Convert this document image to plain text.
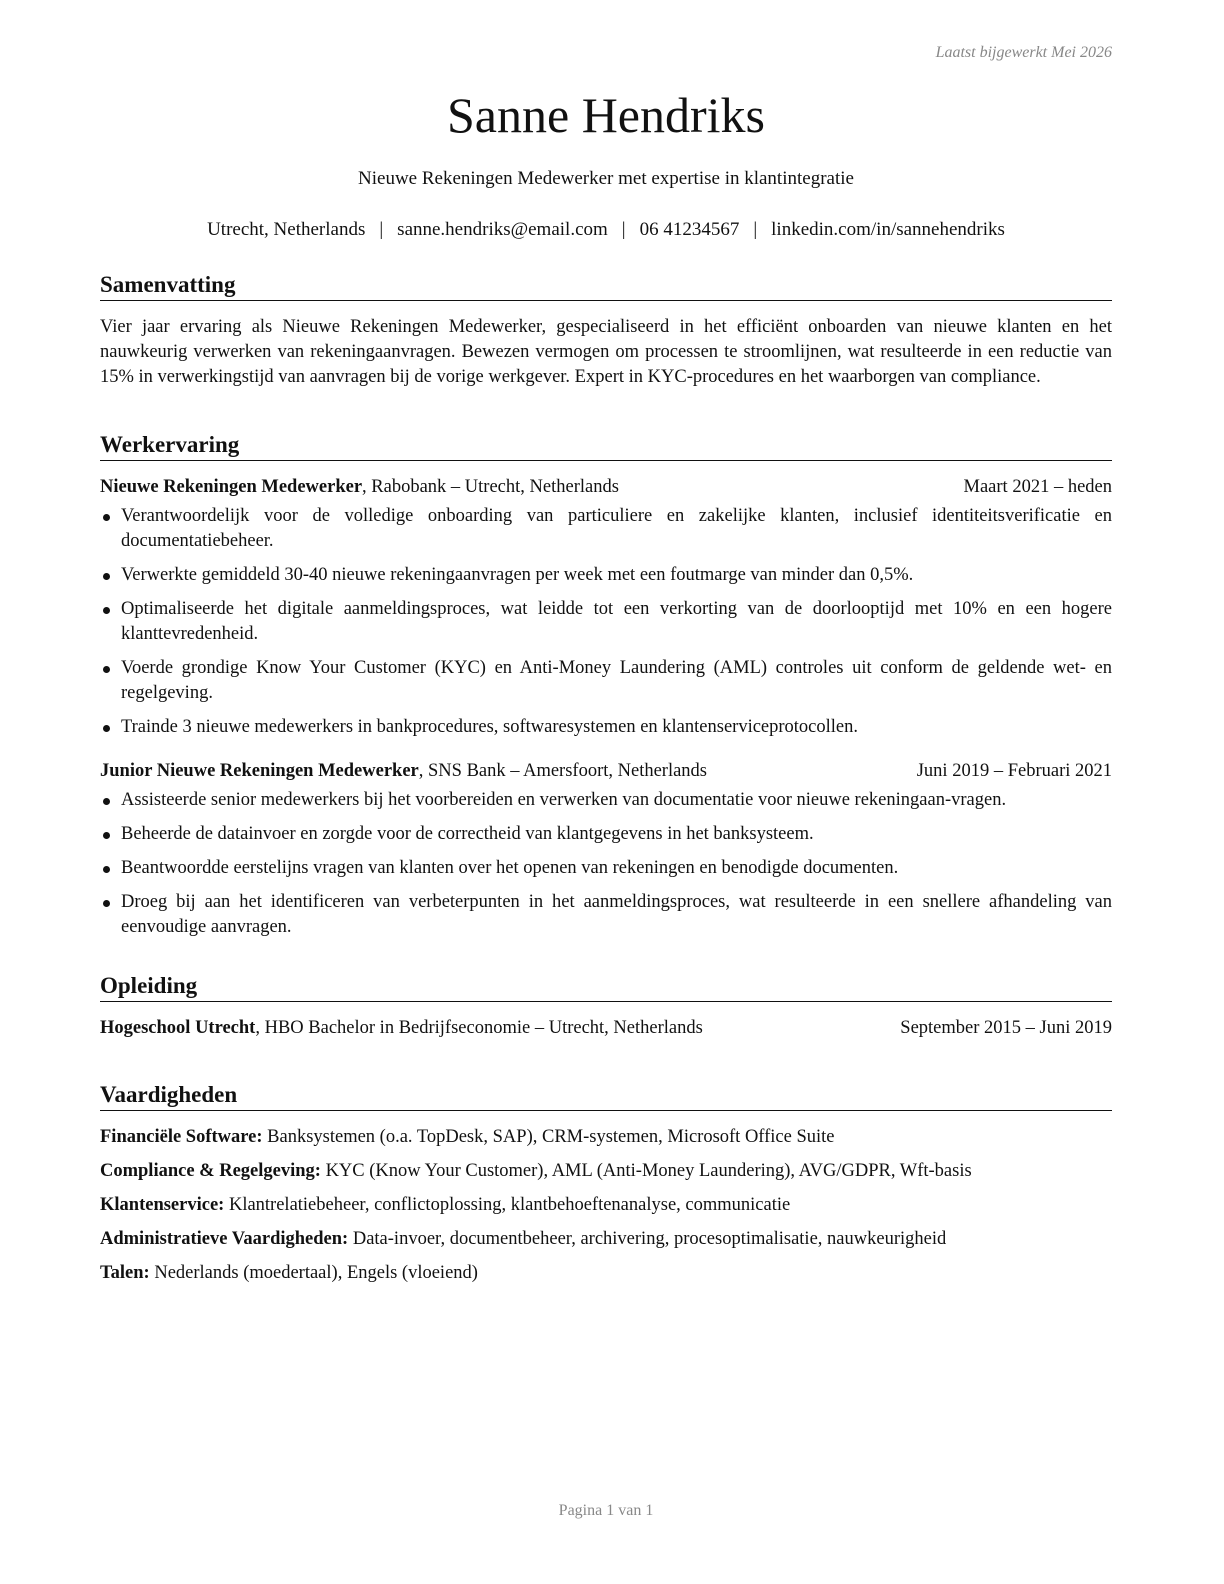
Laatst bijgewerkt Mei 2026
Sanne Hendriks
Nieuwe Rekeningen Medewerker met expertise in klantintegratie
Utrecht, Netherlands | sanne.hendriks@email.com | 06 41234567 | linkedin.com/in/sannehendriks
Samenvatting
Vier jaar ervaring als Nieuwe Rekeningen Medewerker, gespecialiseerd in het efficiënt onboarden van nieuwe klanten en het nauwkeurig verwerken van rekeningaanvragen. Bewezen vermogen om processen te stroomlijnen, wat resulteerde in een reductie van 15% in verwerkingstijd van aanvragen bij de vorige werkgever. Expert in KYC-procedures en het waarborgen van compliance.
Werkervaring
Nieuwe Rekeningen Medewerker, Rabobank – Utrecht, Netherlands	Maart 2021 – heden
Verantwoordelijk voor de volledige onboarding van particuliere en zakelijke klanten, inclusief identiteitsverificatie en documentatiebeheer.
Verwerkte gemiddeld 30-40 nieuwe rekeningaanvragen per week met een foutmarge van minder dan 0,5%.
Optimaliseerde het digitale aanmeldingsproces, wat leidde tot een verkorting van de doorlooptijd met 10% en een hogere klanttevredenheid.
Voerde grondige Know Your Customer (KYC) en Anti-Money Laundering (AML) controles uit conform de geldende wet- en regelgeving.
Trainde 3 nieuwe medewerkers in bankprocedures, softwaresystemen en klantenserviceprotocollen.
Junior Nieuwe Rekeningen Medewerker, SNS Bank – Amersfoort, Netherlands	Juni 2019 – Februari 2021
Assisteerde senior medewerkers bij het voorbereiden en verwerken van documentatie voor nieuwe rekeningaan-vragen.
Beheerde de datainvoer en zorgde voor de correctheid van klantgegevens in het banksysteem.
Beantwoordde eerstelijns vragen van klanten over het openen van rekeningen en benodigde documenten.
Droeg bij aan het identificeren van verbeterpunten in het aanmeldingsproces, wat resulteerde in een snellere afhandeling van eenvoudige aanvragen.
Opleiding
Hogeschool Utrecht, HBO Bachelor in Bedrijfseconomie – Utrecht, Netherlands	September 2015 – Juni 2019
Vaardigheden
Financiële Software: Banksystemen (o.a. TopDesk, SAP), CRM-systemen, Microsoft Office Suite
Compliance & Regelgeving: KYC (Know Your Customer), AML (Anti-Money Laundering), AVG/GDPR, Wft-basis
Klantenservice: Klantrelatiebeheer, conflictoplossing, klantbehoeftenanalyse, communicatie
Administratieve Vaardigheden: Data-invoer, documentbeheer, archivering, procesoptimalisatie, nauwkeurigheid
Talen: Nederlands (moedertaal), Engels (vloeiend)
Pagina 1 van 1
